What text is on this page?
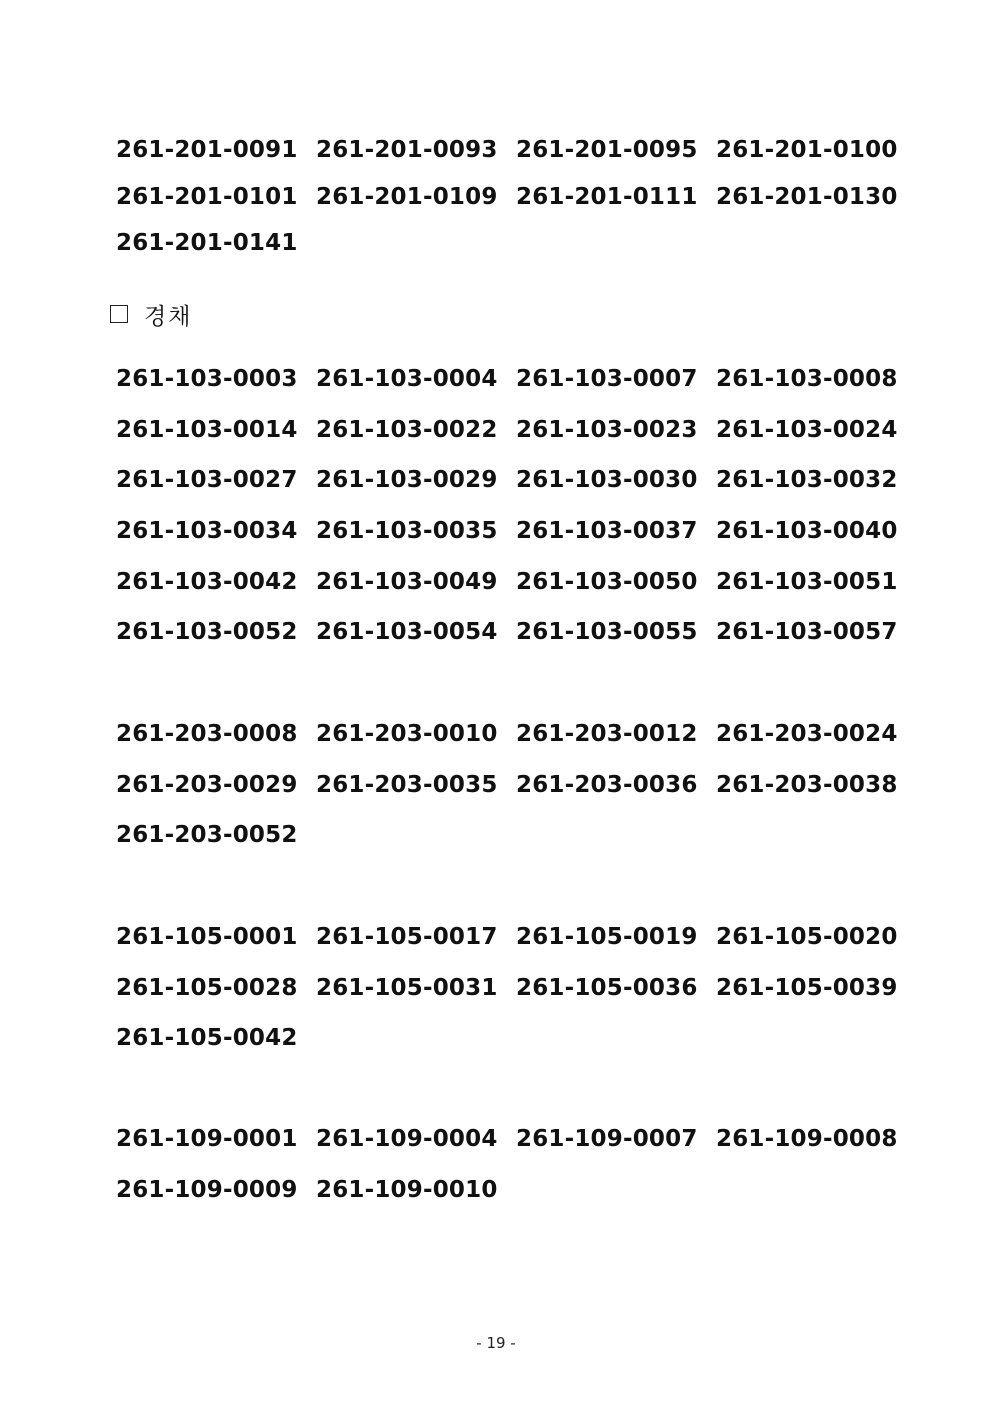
261-201-0091 261-201-0093 261-201-0095 261-201-0100
261-201-0101 261-201-0109 261-201-0111 261-201-0130
261-201-0141
경채
261-103-0003 261-103-0004 261-103-0007 261-103-0008
261-103-0014 261-103-0022 261-103-0023 261-103-0024
261-103-0027 261-103-0029 261-103-0030 261-103-0032
261-103-0034 261-103-0035 261-103-0037 261-103-0040
261-103-0042 261-103-0049 261-103-0050 261-103-0051
261-103-0052 261-103-0054 261-103-0055 261-103-0057
261-203-0008 261-203-0010 261-203-0012 261-203-0024
261-203-0029 261-203-0035 261-203-0036 261-203-0038
261-203-0052
261-105-0001 261-105-0017 261-105-0019 261-105-0020
261-105-0028 261-105-0031 261-105-0036 261-105-0039
261-105-0042
261-109-0001 261-109-0004 261-109-0007 261-109-0008
261-109-0009 261-109-0010
- 19 -
